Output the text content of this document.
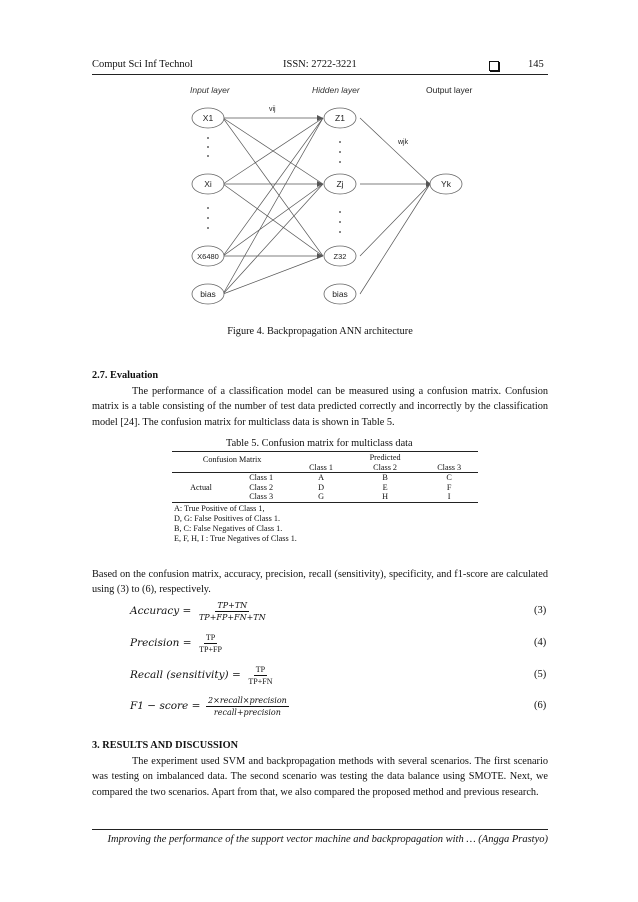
Comput Sci Inf Technol	ISSN: 2722-3221	145
Input layer	Hidden layer	Output layer
vij
wjk
X1
Xi
X6480
bias
Z1
Zj
Z32
bias
Yk
Figure 4. Backpropagation ANN architecture
2.7. Evaluation
The performance of a classification model can be measured using a confusion matrix. Confusion matrix is a table consisting of the number of test data predicted correctly and incorrectly by the classification model [24]. The confusion matrix for multiclass data is shown in Table 5.
Table 5. Confusion matrix for multiclass data
Confusion Matrix			Predicted	
		Class 1	Class 2	Class 3
Actual	Class 1	A	B	C
	Class 2	D	E	F
	Class 3	G	H	I
A: True Positive of Class 1,
D, G: False Positives of Class 1.
B, C: False Negatives of Class 1.
E, F, H, I : True Negatives of Class 1.
Based on the confusion matrix, accuracy, precision, recall (sensitivity), specificity, and f1-score are calculated using (3) to (6), respectively.
Accuracy = $\frac{TP+TN}{TP+FP+FN+TN}$	(3)
Precision = $\frac{TP}{TP+FP}$	(4)
Recall (sensitivity) = $\frac{TP}{TP+FN}$	(5)
F1 − score = $\frac{\text{2×recall×precision}}{\text{recall+precision}}$	(6)
3. RESULTS AND DISCUSSION
The experiment used SVM and backpropagation methods with several scenarios. The first scenario was testing on imbalanced data. The second scenario was testing the data balance using SMOTE. Next, we compared the two scenarios. Apart from that, we also compared the proposed method and previous research.
Improving the performance of the support vector machine and backpropagation with … (Angga Prastyo)
